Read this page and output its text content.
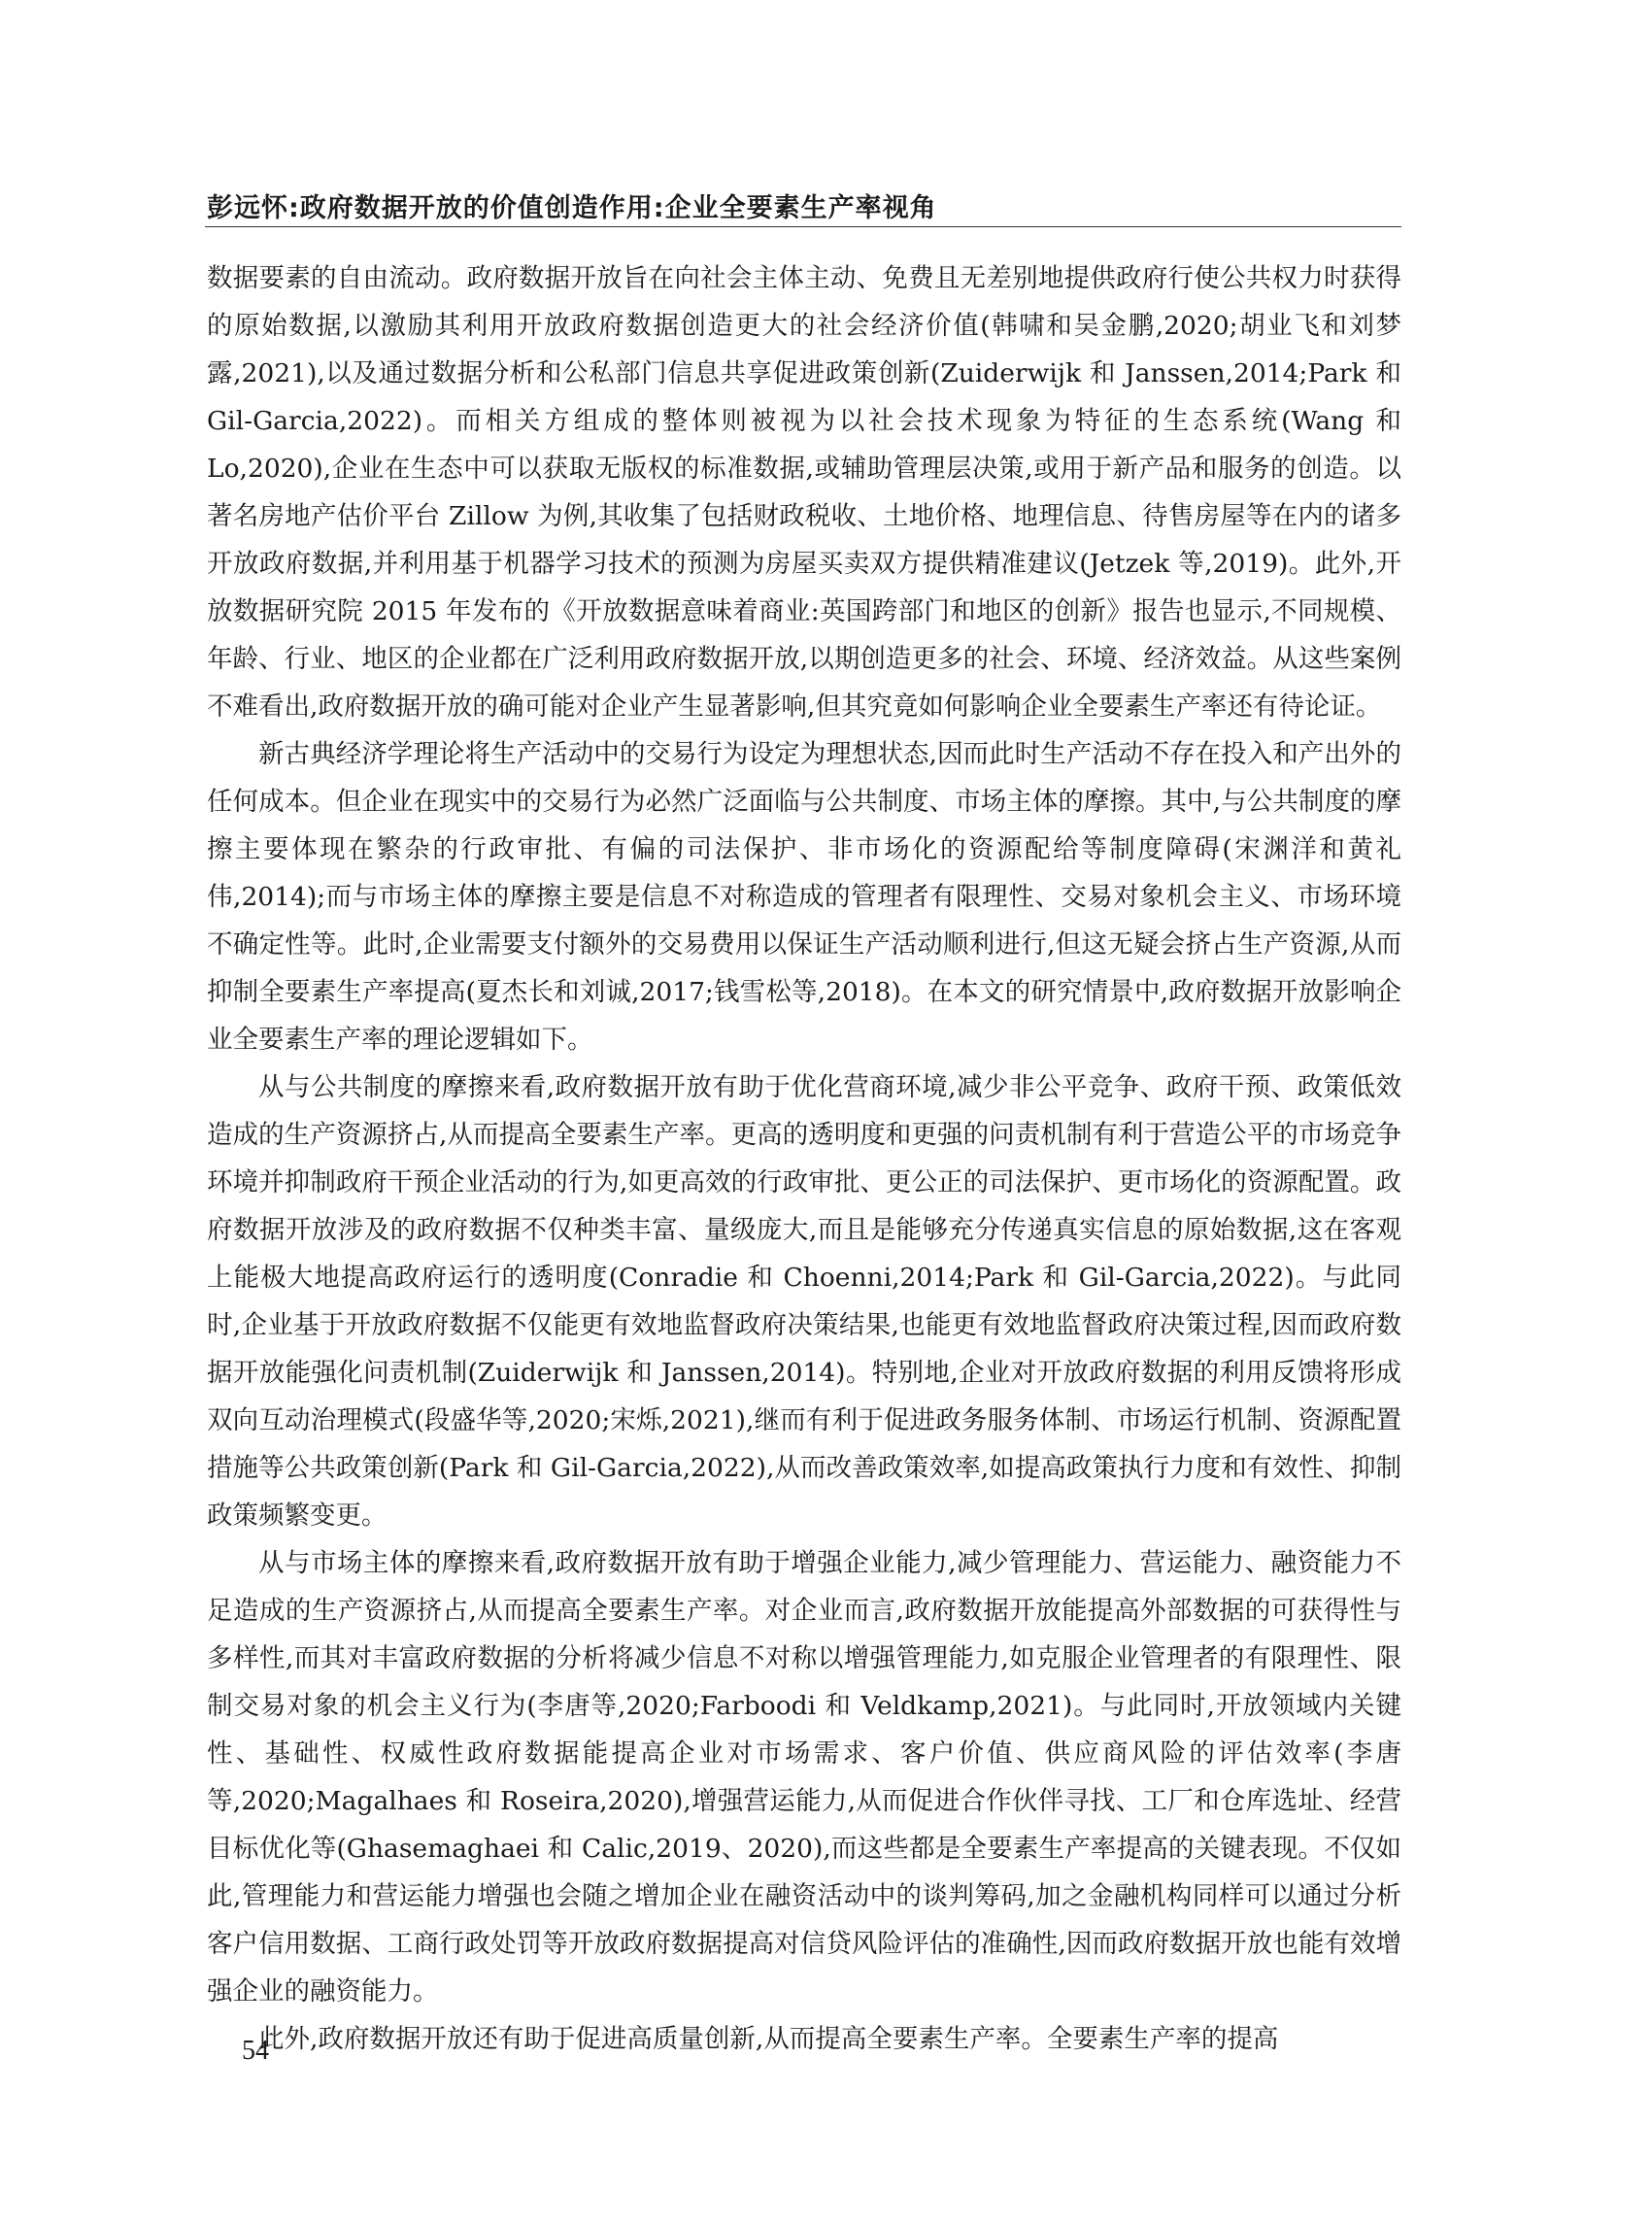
彭远怀:政府数据开放的价值创造作用:企业全要素生产率视角

数据要素的自由流动。政府数据开放旨在向社会主体主动、免费且无差别地提供政府行使公共权力时获得的原始数据,以激励其利用开放政府数据创造更大的社会经济价值(韩啸和吴金鹏,2020;胡业飞和刘梦露,2021),以及通过数据分析和公私部门信息共享促进政策创新(Zuiderwijk 和 Janssen,2014;Park 和 Gil-Garcia,2022)。而相关方组成的整体则被视为以社会技术现象为特征的生态系统(Wang 和 Lo,2020),企业在生态中可以获取无版权的标准数据,或辅助管理层决策,或用于新产品和服务的创造。以著名房地产估价平台 Zillow 为例,其收集了包括财政税收、土地价格、地理信息、待售房屋等在内的诸多开放政府数据,并利用基于机器学习技术的预测为房屋买卖双方提供精准建议(Jetzek 等,2019)。此外,开放数据研究院 2015 年发布的《开放数据意味着商业:英国跨部门和地区的创新》报告也显示,不同规模、年龄、行业、地区的企业都在广泛利用政府数据开放,以期创造更多的社会、环境、经济效益。从这些案例不难看出,政府数据开放的确可能对企业产生显著影响,但其究竟如何影响企业全要素生产率还有待论证。

新古典经济学理论将生产活动中的交易行为设定为理想状态,因而此时生产活动不存在投入和产出外的任何成本。但企业在现实中的交易行为必然广泛面临与公共制度、市场主体的摩擦。其中,与公共制度的摩擦主要体现在繁杂的行政审批、有偏的司法保护、非市场化的资源配给等制度障碍(宋渊洋和黄礼伟,2014);而与市场主体的摩擦主要是信息不对称造成的管理者有限理性、交易对象机会主义、市场环境不确定性等。此时,企业需要支付额外的交易费用以保证生产活动顺利进行,但这无疑会挤占生产资源,从而抑制全要素生产率提高(夏杰长和刘诚,2017;钱雪松等,2018)。在本文的研究情景中,政府数据开放影响企业全要素生产率的理论逻辑如下。

从与公共制度的摩擦来看,政府数据开放有助于优化营商环境,减少非公平竞争、政府干预、政策低效造成的生产资源挤占,从而提高全要素生产率。更高的透明度和更强的问责机制有利于营造公平的市场竞争环境并抑制政府干预企业活动的行为,如更高效的行政审批、更公正的司法保护、更市场化的资源配置。政府数据开放涉及的政府数据不仅种类丰富、量级庞大,而且是能够充分传递真实信息的原始数据,这在客观上能极大地提高政府运行的透明度(Conradie 和 Choenni,2014;Park 和 Gil-Garcia,2022)。与此同时,企业基于开放政府数据不仅能更有效地监督政府决策结果,也能更有效地监督政府决策过程,因而政府数据开放能强化问责机制(Zuiderwijk 和 Janssen,2014)。特别地,企业对开放政府数据的利用反馈将形成双向互动治理模式(段盛华等,2020;宋烁,2021),继而有利于促进政务服务体制、市场运行机制、资源配置措施等公共政策创新(Park 和 Gil-Garcia,2022),从而改善政策效率,如提高政策执行力度和有效性、抑制政策频繁变更。

从与市场主体的摩擦来看,政府数据开放有助于增强企业能力,减少管理能力、营运能力、融资能力不足造成的生产资源挤占,从而提高全要素生产率。对企业而言,政府数据开放能提高外部数据的可获得性与多样性,而其对丰富政府数据的分析将减少信息不对称以增强管理能力,如克服企业管理者的有限理性、限制交易对象的机会主义行为(李唐等,2020;Farboodi 和 Veldkamp,2021)。与此同时,开放领域内关键性、基础性、权威性政府数据能提高企业对市场需求、客户价值、供应商风险的评估效率(李唐等,2020;Magalhaes 和 Roseira,2020),增强营运能力,从而促进合作伙伴寻找、工厂和仓库选址、经营目标优化等(Ghasemaghaei 和 Calic,2019、2020),而这些都是全要素生产率提高的关键表现。不仅如此,管理能力和营运能力增强也会随之增加企业在融资活动中的谈判筹码,加之金融机构同样可以通过分析客户信用数据、工商行政处罚等开放政府数据提高对信贷风险评估的准确性,因而政府数据开放也能有效增强企业的融资能力。

此外,政府数据开放还有助于促进高质量创新,从而提高全要素生产率。全要素生产率的提高

54
